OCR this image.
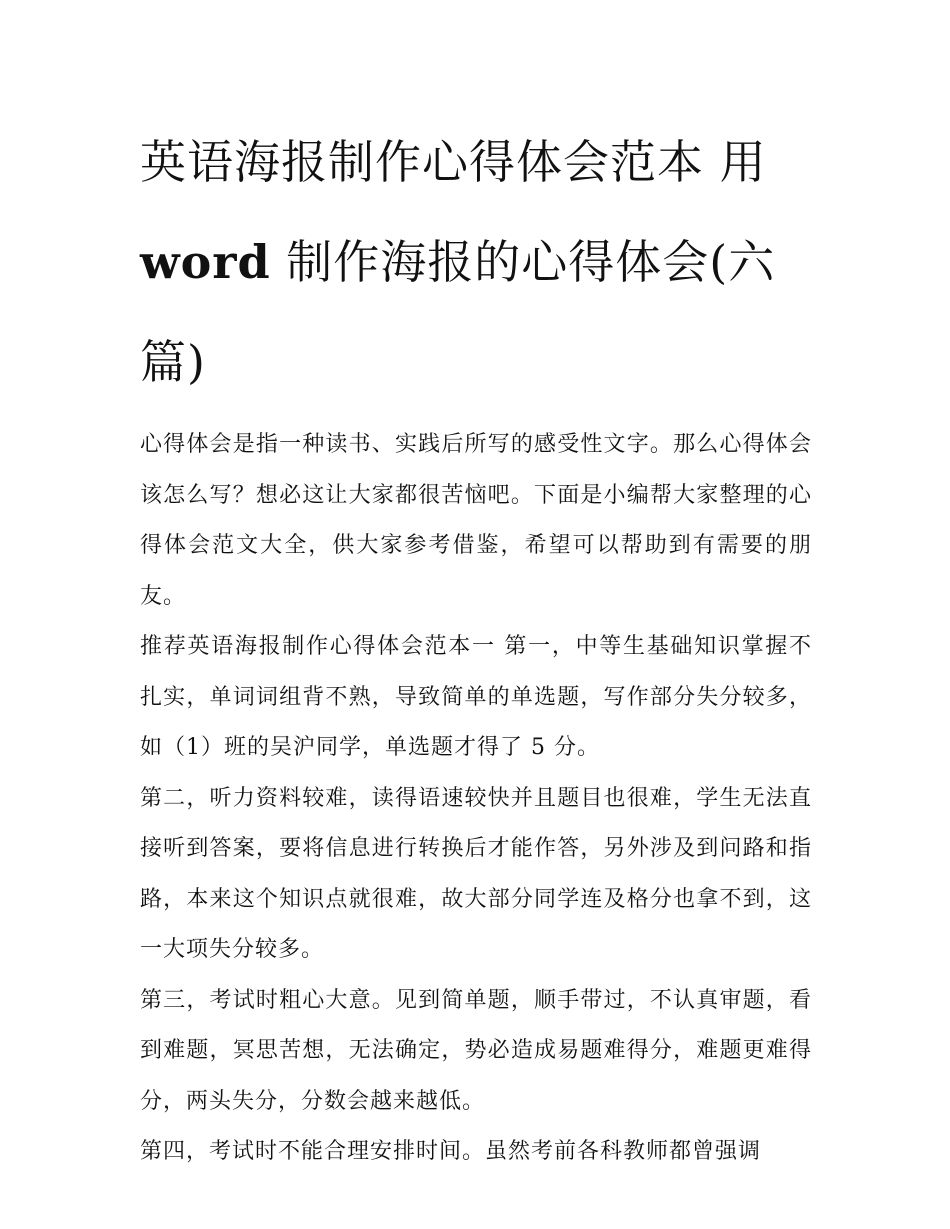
英语海报制作心得体会范本 用
word 制作海报的心得体会(六篇)

心得体会是指一种读书、实践后所写的感受性文字。那么心得体会该怎么写？想必这让大家都很苦恼吧。下面是小编帮大家整理的心得体会范文大全，供大家参考借鉴，希望可以帮助到有需要的朋友。

推荐英语海报制作心得体会范本一 第一，中等生基础知识掌握不扎实，单词词组背不熟，导致简单的单选题，写作部分失分较多，如（1）班的吴沪同学，单选题才得了 5 分。

第二，听力资料较难，读得语速较快并且题目也很难，学生无法直接听到答案，要将信息进行转换后才能作答，另外涉及到问路和指路，本来这个知识点就很难，故大部分同学连及格分也拿不到，这一大项失分较多。

第三，考试时粗心大意。见到简单题，顺手带过，不认真审题，看到难题，冥思苦想，无法确定，势必造成易题难得分，难题更难得分，两头失分，分数会越来越低。

第四，考试时不能合理安排时间。虽然考前各科教师都曾强调
